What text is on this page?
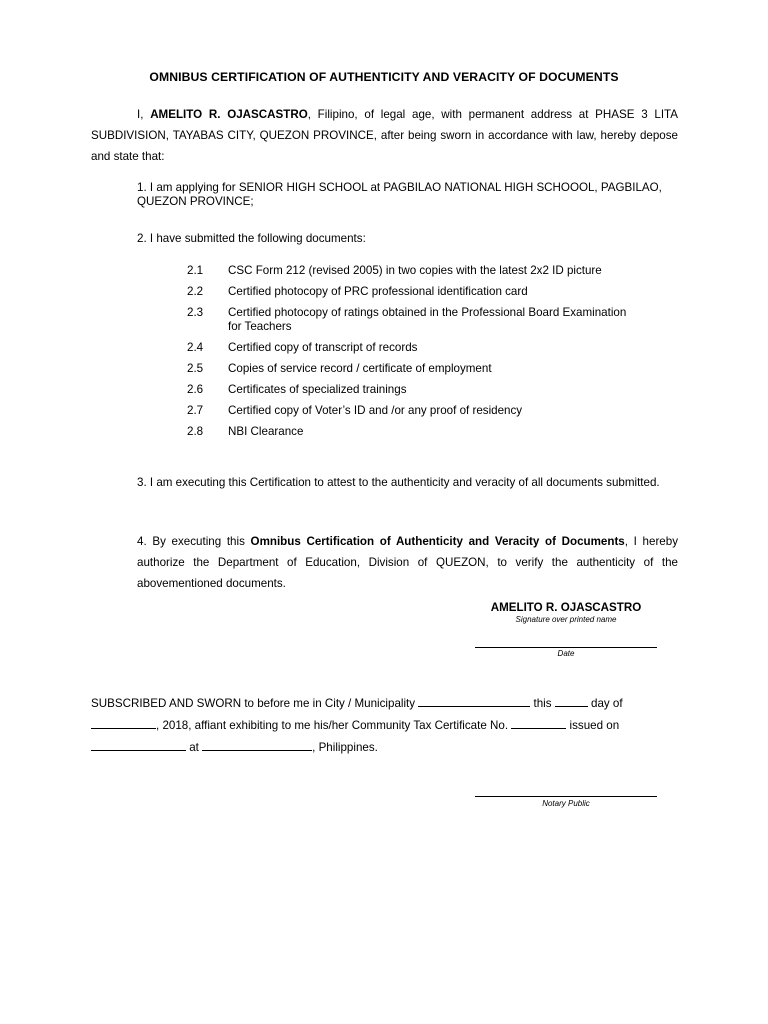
OMNIBUS CERTIFICATION OF AUTHENTICITY AND VERACITY OF DOCUMENTS
I, AMELITO R. OJASCASTRO, Filipino, of legal age, with permanent address at PHASE 3 LITA SUBDIVISION, TAYABAS CITY, QUEZON PROVINCE, after being sworn in accordance with law, hereby depose and state that:
1. I am applying for SENIOR HIGH SCHOOL at PAGBILAO NATIONAL HIGH SCHOOOL, PAGBILAO, QUEZON PROVINCE;
2. I have submitted the following documents:
2.1	CSC Form 212 (revised 2005) in two copies with the latest 2x2 ID picture
2.2	Certified photocopy of PRC professional identification card
2.3	Certified photocopy of ratings obtained in the Professional Board Examination for Teachers
2.4	Certified copy of transcript of records
2.5	Copies of service record / certificate of employment
2.6	Certificates of specialized trainings
2.7	Certified copy of Voter’s ID and /or any proof of residency
2.8	NBI Clearance
3. I am executing this Certification to attest to the authenticity and veracity of all documents submitted.
4. By executing this Omnibus Certification of Authenticity and Veracity of Documents, I hereby authorize the Department of Education, Division of QUEZON, to verify the authenticity of the abovementioned documents.
AMELITO R. OJASCASTRO
Signature over printed name
Date
SUBSCRIBED AND SWORN to before me in City / Municipality	this	day of
, 2018, affiant exhibiting to me his/her Community Tax Certificate No.	issued on
at	, Philippines.
Notary Public
